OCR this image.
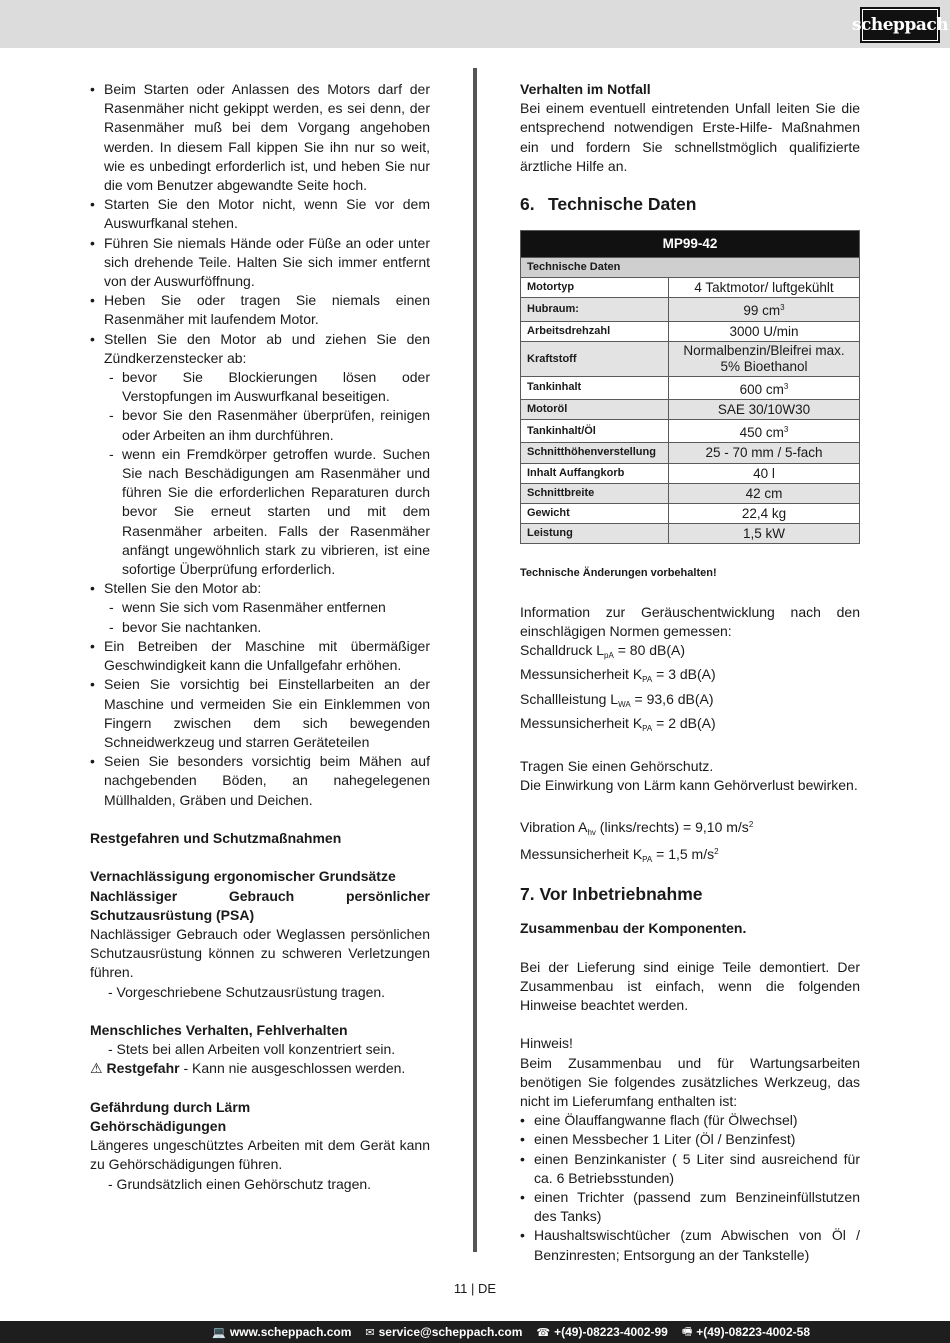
scheppach
• Beim Starten oder Anlassen des Motors darf der Rasenmäher nicht gekippt werden, es sei denn, der Rasenmäher muß bei dem Vorgang angehoben werden. In diesem Fall kippen Sie ihn nur so weit, wie es unbedingt erforderlich ist, und heben Sie nur die vom Benutzer abgewandte Seite hoch.
• Starten Sie den Motor nicht, wenn Sie vor dem Auswurfkanal stehen.
• Führen Sie niemals Hände oder Füße an oder unter sich drehende Teile. Halten Sie sich immer entfernt von der Auswurföffnung.
• Heben Sie oder tragen Sie niemals einen Rasenmäher mit laufendem Motor.
• Stellen Sie den Motor ab und ziehen Sie den Zündkerzenstecker ab:
- bevor Sie Blockierungen lösen oder Verstopfungen im Auswurfkanal beseitigen.
- bevor Sie den Rasenmäher überprüfen, reinigen oder Arbeiten an ihm durchführen.
- wenn ein Fremdkörper getroffen wurde. Suchen Sie nach Beschädigungen am Rasenmäher und führen Sie die erforderlichen Reparaturen durch bevor Sie erneut starten und mit dem Rasenmäher arbeiten. Falls der Rasenmäher anfängt ungewöhnlich stark zu vibrieren, ist eine sofortige Überprüfung erforderlich.
• Stellen Sie den Motor ab:
- wenn Sie sich vom Rasenmäher entfernen
- bevor Sie nachtanken.
• Ein Betreiben der Maschine mit übermäßiger Geschwindigkeit kann die Unfallgefahr erhöhen.
• Seien Sie vorsichtig bei Einstellarbeiten an der Maschine und vermeiden Sie ein Einklemmen von Fingern zwischen dem sich bewegenden Schneidwerkzeug und starren Geräteteilen
• Seien Sie besonders vorsichtig beim Mähen auf nachgebenden Böden, an nahegelegenen Müllhalden, Gräben und Deichen.

Restgefahren und Schutzmaßnahmen

Vernachlässigung ergonomischer Grundsätze

Nachlässiger Gebrauch persönlicher Schutzausrüstung (PSA)

Nachlässiger Gebrauch oder Weglassen persönlichen Schutzausrüstung können zu schweren Verletzungen führen.

- Vorgeschriebene Schutzausrüstung tragen.

Menschliches Verhalten, Fehlverhalten

- Stets bei allen Arbeiten voll konzentriert sein.

⚠ Restgefahr - Kann nie ausgeschlossen werden.

Gefährdung durch Lärm

Gehörschädigungen

Längeres ungeschütztes Arbeiten mit dem Gerät kann zu Gehörschädigungen führen.

- Grundsätzlich einen Gehörschutz tragen.

Verhalten im Notfall

Bei einem eventuell eintretenden Unfall leiten Sie die entsprechend notwendigen Erste-Hilfe- Maßnahmen ein und fordern Sie schnellstmöglich qualifizierte ärztliche Hilfe an.

6. Technische Daten
MP99-42	
Technische Daten	
Motortyp	4 Taktmotor/ luftgekühlt
Hubraum:	99 $cm^3$
Arbeitsdrehzahl	3000 U/min
Kraftstoff	Normalbenzin/Bleifrei max.
5% Bioethanol
Tankinhalt	600 $cm^3$
Motoröl	SAE 30/10W30
Tankinhalt/Öl	450 $cm^3$
Schnitthöhenverstellung	25 - 70 mm / 5-fach
Inhalt Auffangkorb	40 l
Schnittbreite	42 cm
Gewicht	22,4 kg
Leistung	1,5 kW

Technische Änderungen vorbehalten!

Information zur Geräuschentwicklung nach den einschlägigen Normen gemessen:

Schalldruck $L_{pA} = 80$ dB(A)

Messunsicherheit $K_{PA} = 3$ dB(A)

Schallleistung $L_{WA} = 93,6$ dB(A)

Messunsicherheit $K_{PA} = 2$ dB(A)

Tragen Sie einen Gehörschutz.

Die Einwirkung von Lärm kann Gehörverlust bewirken.

Vibration $A_{hv}$ (links/rechts) = 9,10 $m/s^2$

Messunsicherheit $K_{PA} = 1,5$ $m/s^2$

7. Vor Inbetriebnahme

Zusammenbau der Komponenten.

Bei der Lieferung sind einige Teile demontiert. Der Zusammenbau ist einfach, wenn die folgenden Hinweise beachtet werden.

Hinweis!

Beim Zusammenbau und für Wartungsarbeiten benötigen Sie folgendes zusätzliches Werkzeug, das nicht im Lieferumfang enthalten ist:

• eine Ölauffangwanne flach (für Ölwechsel)
• einen Messbecher 1 Liter (Öl / Benzinfest)
• einen Benzinkanister ( 5 Liter sind ausreichend für ca. 6 Betriebsstunden)
• einen Trichter (passend zum Benzineinfüllstutzen des Tanks)
• Haushaltswischtücher (zum Abwischen von Öl / Benzinresten; Entsorgung an der Tankstelle)
11 | DE
💻 www.scheppach.com ✉ service@scheppach.com ☎ +(49)-08223-4002-99 🖷 +(49)-08223-4002-58
